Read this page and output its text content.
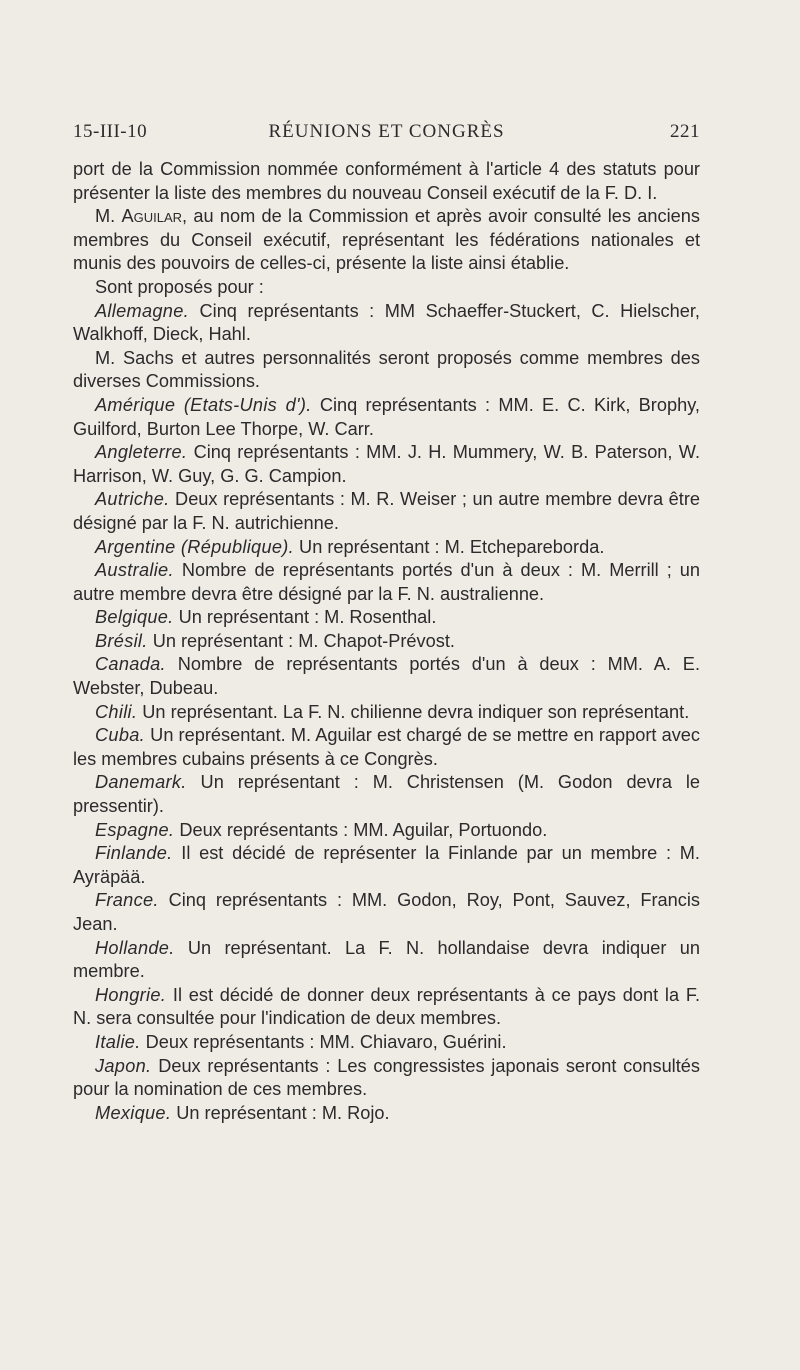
15-III-10	RÉUNIONS ET CONGRÈS	221

port de la Commission nommée conformément à l'article 4 des statuts pour présenter la liste des membres du nouveau Conseil exécutif de la F. D. I.

M. Aguilar, au nom de la Commission et après avoir consulté les anciens membres du Conseil exécutif, représentant les fédérations nationales et munis des pouvoirs de celles-ci, présente la liste ainsi établie.

Sont proposés pour :

Allemagne. Cinq représentants : MM Schaeffer-Stuckert, C. Hielscher, Walkhoff, Dieck, Hahl.

M. Sachs et autres personnalités seront proposés comme membres des diverses Commissions.

Amérique (Etats-Unis d'). Cinq représentants : MM. E. C. Kirk, Brophy, Guilford, Burton Lee Thorpe, W. Carr.

Angleterre. Cinq représentants : MM. J. H. Mummery, W. B. Paterson, W. Harrison, W. Guy, G. G. Campion.

Autriche. Deux représentants : M. R. Weiser ; un autre membre devra être désigné par la F. N. autrichienne.

Argentine (République). Un représentant : M. Etchepareborda.

Australie. Nombre de représentants portés d'un à deux : M. Merrill ; un autre membre devra être désigné par la F. N. australienne.

Belgique. Un représentant : M. Rosenthal.

Brésil. Un représentant : M. Chapot-Prévost.

Canada. Nombre de représentants portés d'un à deux : MM. A. E. Webster, Dubeau.

Chili. Un représentant. La F. N. chilienne devra indiquer son représentant.

Cuba. Un représentant. M. Aguilar est chargé de se mettre en rapport avec les membres cubains présents à ce Congrès.

Danemark. Un représentant : M. Christensen (M. Godon devra le pressentir).

Espagne. Deux représentants : MM. Aguilar, Portuondo.

Finlande. Il est décidé de représenter la Finlande par un membre : M. Ayräpää.

France. Cinq représentants : MM. Godon, Roy, Pont, Sauvez, Francis Jean.

Hollande. Un représentant. La F. N. hollandaise devra indiquer un membre.

Hongrie. Il est décidé de donner deux représentants à ce pays dont la F. N. sera consultée pour l'indication de deux membres.

Italie. Deux représentants : MM. Chiavaro, Guérini.

Japon. Deux représentants : Les congressistes japonais seront consultés pour la nomination de ces membres.

Mexique. Un représentant : M. Rojo.
